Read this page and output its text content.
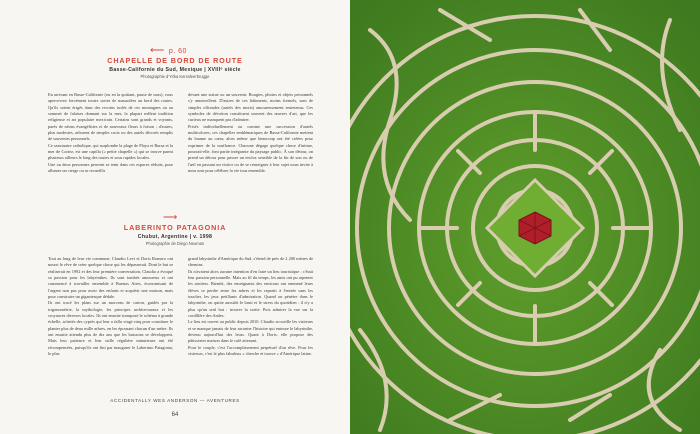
⟵ p. 60
CHAPELLE DE BORD DE ROUTE
Basse-Californie du Sud, Mexique | XVIIIᵉ siècle
Photographie d'Yirka Kerssleerbrugge
En arrivant en Basse-Californie (ou en la quittant, pause de sous), vous apercevrez forcément toutes sortes de mausolées au bord des routes. Qu'ils soient érigés dans des recoins isolés de ces montagnes ou au sommet de falaises donnant sur la mer, la plupart mêlent tradition religieuse et art populaire mexicain. Certains sont grands et voyants, parés de néons évangélistes et de nouveaux fleurs à foison ; d'autres, plus modestes, arborent de simples croix ou des autels décorés remplis de souvenirs personnels.
Ce sanctuaire catholique, qui surplombe la plage de Playa et Bursa et la mer de Cortez, est une capilla (« petite chapelle ») qui se trouve parmi plusieurs ailleurs le long des routes et sous rapides locales.
Une ou deux personnes peuvent se tenir dans ces espaces réduits, pour allumer un cierge ou se recueillir
devant une statue ou un souvenir. Bougies, photos et objets personnels s'y amoncellent. D'autres de ces bâtiments, moins formels, sont de simples offrandes (autels des morts) amoureusement entretenus. Ces symboles de dévotion constituent souvent des œuvres d'art, que les curieux ne manquent pas d'admirer.
Prisés individuellement ou comme une succession d'autels multicolores, ces chapelles emblématiques de Basse-Californie mettent du baume au cœur, alors même que beaucoup ont été créées pour exprimer de la souffrance. Chacune dégage quelque chose d'intime, pourrait-elle, font partie intégrante du paysage public. À son détour, on prend un détour pour passer un enclos sensible de la fin de son ou de l'œil en passant un visitor ou de se renseigner à leur sujet nous invite à nous unir pour célébrer la vie tous ensemble.
⟶
LABERINTO PATAGONIA
Chubut, Argentine | v. 1998
Photographie de Diego Neuman
Tout au long de leur vie commune, Claudio Levi et Doris Romero ont nourri le rêve de créer quelque chose qui les dépasserait. Dont le but se réaliserait en 1992 et des leur première conversation, Claudio a évoqué sa passion pour les labyrinthes. Ils sont tombés amoureux et ont commencé à travailler ensemble à Buenos Aires, économisant de l'argent non pas pour avoir des enfants et acquérir une maison, mais pour construire un gigantesque dédale.
Ils ont tracé les plans sur un morceau de carton, guidés par la trigonométrie, la mythologie, les principes architecturaux et les croyances diverses locales. Ils ont ensuite transposé le schéma à grande échelle, achetés des cyprès qui leur a fallu vingt-cinq pour constituer le planter plus de deux mille arbres, en les épousant chacun d'un mètre. Ils ont ensuite attendu plus de dix ans que les buissons se développent. Mais leur patience et leur taille régulière minutieuse ont été récompensées, puisqu'ils ont fini par inaugurer le Laberinto Patagonia, le plus
grand labyrinthe d'Amérique du Sud, s'étend de près de 2 200 mètres de chemins.
Ils n'avaient alors aucune intention d'en faire un lieu touristique ; c'était leur passion personnelle. Mais au fil du temps, les amis ont pu arpenter les sentiers. Bientôt, des enseignants des environs ont emmené leurs élèves se perdre entre les arbres et les repartir à l'entrée sans les toucher, les jeux petillants d'admiration. Quand on pénètre dans le labyrinthe, on quitte aussitôt le bruit et le stress du quotidien : il n'y a plus qu'un seul but : trouver la sortie. Puis admirer la vue sur la cordillère des Andes.
Le lieu est ouvert au public depuis 2010. Claudio accueille les visiteurs et se manque jamais de leur raconter l'histoire qui entoure le labyrinthe, devenu aujourd'hui des leurs. Quant à Doris, elle propose des pâtisseries maison dans le café attenant.
Pour le couple, c'est l'accomplissement perpétuel d'un rêve. Pour les visiteurs, c'est le plus fabuleux « cherche et trouve » d'Amérique latine.
ACCIDENTALLY WES ANDERSON — AVENTURES
64
